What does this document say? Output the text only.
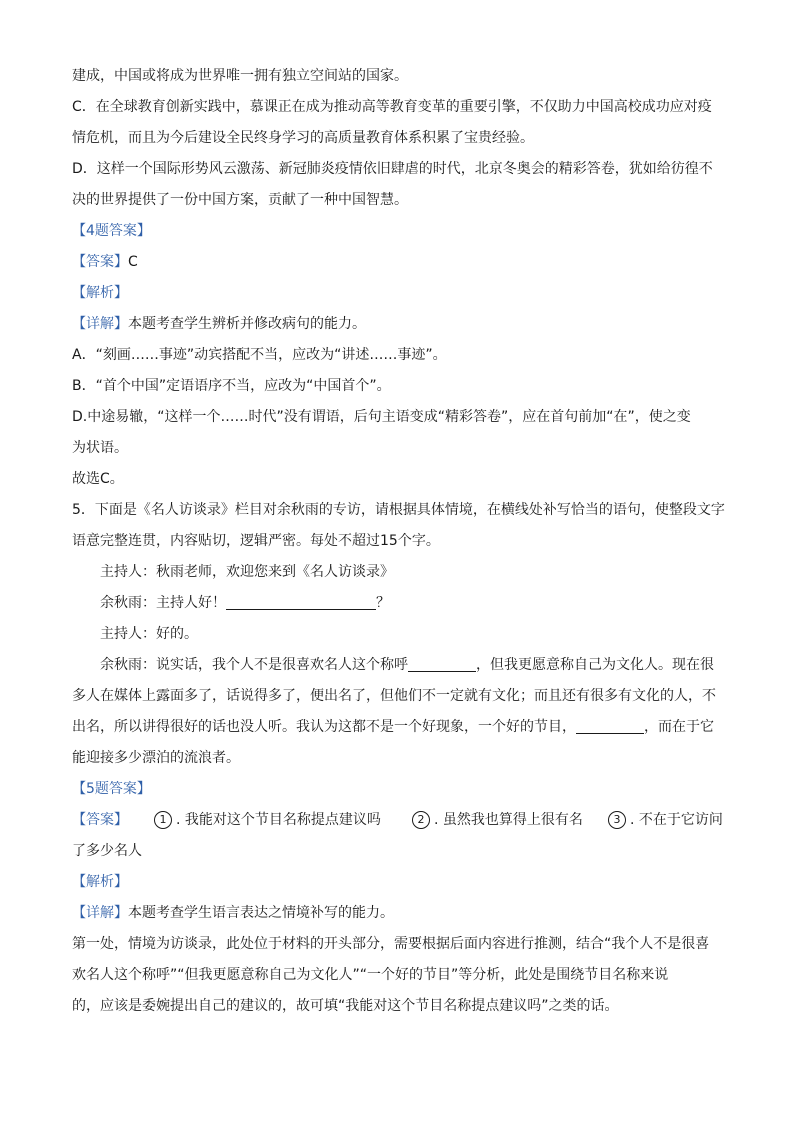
建成，中国或将成为世界唯一拥有独立空间站的国家。
C．在全球教育创新实践中，慕课正在成为推动高等教育变革的重要引擎，不仅助力中国高校成功应对疫
情危机，而且为今后建设全民终身学习的高质量教育体系积累了宝贵经验。
D．这样一个国际形势风云激荡、新冠肺炎疫情依旧肆虐的时代，北京冬奥会的精彩答卷，犹如给彷徨不
决的世界提供了一份中国方案，贡献了一种中国智慧。
【4题答案】
【答案】C
【解析】
【详解】本题考查学生辨析并修改病句的能力。
A．“刻画……事迹”动宾搭配不当，应改为“讲述……事迹”。
B．“首个中国”定语语序不当，应改为“中国首个”。
D.中途易辙，“这样一个……时代”没有谓语，后句主语变成“精彩答卷”，应在首句前加“在”，使之变
为状语。
故选C。
5．下面是《名人访谈录》栏目对余秋雨的专访，请根据具体情境，在横线处补写恰当的语句，使整段文字
语意完整连贯，内容贴切，逻辑严密。每处不超过15个字。
主持人：秋雨老师，欢迎您来到《名人访谈录》
余秋雨：主持人好！	？
主持人：好的。
余秋雨：说实话，我个人不是很喜欢名人这个称呼	，但我更愿意称自己为文化人。现在很
多人在媒体上露面多了，话说得多了，便出名了，但他们不一定就有文化；而且还有很多有文化的人，不
出名，所以讲得很好的话也没人听。我认为这都不是一个好现象，一个好的节目，	，而在于它
能迎接多少漂泊的流浪者。
【5题答案】
【答案】	1 . 我能对这个节目名称提点建议吗	2 . 虽然我也算得上很有名	3 . 不在于它访问
了多少名人
【解析】
【详解】本题考查学生语言表达之情境补写的能力。
第一处，情境为访谈录，此处位于材料的开头部分，需要根据后面内容进行推测，结合“我个人不是很喜
欢名人这个称呼”“但我更愿意称自己为文化人”“一个好的节目”等分析，此处是围绕节目名称来说
的，应该是委婉提出自己的建议的，故可填“我能对这个节目名称提点建议吗”之类的话。
